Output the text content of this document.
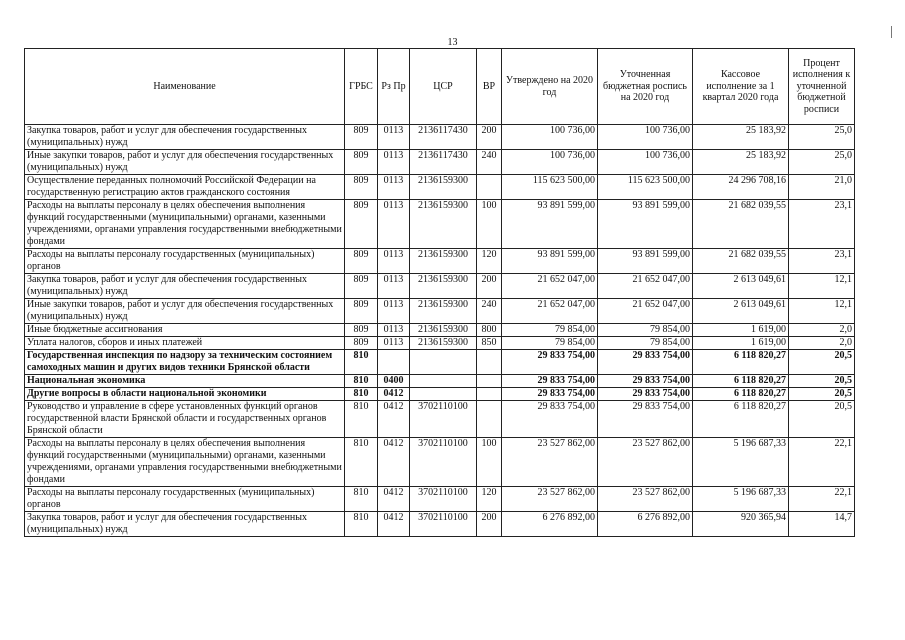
13
Наименование	ГРБС	Рз Пр	ЦСР	ВР	Утверждено на 2020 год	Уточненная бюджетная роспись на 2020 год	Кассовое исполнение за 1 квартал 2020 года	Процент исполнения к уточненной бюджетной росписи
Закупка товаров, работ и услуг для обеспечения государственных (муниципальных) нужд	809	0113	2136117430	200	100 736,00	100 736,00	25 183,92	25,0
Иные закупки товаров, работ и услуг для обеспечения государственных (муниципальных) нужд	809	0113	2136117430	240	100 736,00	100 736,00	25 183,92	25,0
Осуществление переданных полномочий Российской Федерации на государственную регистрацию актов гражданского состояния	809	0113	2136159300		115 623 500,00	115 623 500,00	24 296 708,16	21,0
Расходы на выплаты персоналу в целях обеспечения выполнения функций государственными (муниципальными) органами, казенными учреждениями, органами управления государственными внебюджетными фондами	809	0113	2136159300	100	93 891 599,00	93 891 599,00	21 682 039,55	23,1
Расходы на выплаты персоналу государственных (муниципальных) органов	809	0113	2136159300	120	93 891 599,00	93 891 599,00	21 682 039,55	23,1
Закупка товаров, работ и услуг для обеспечения государственных (муниципальных) нужд	809	0113	2136159300	200	21 652 047,00	21 652 047,00	2 613 049,61	12,1
Иные закупки товаров, работ и услуг для обеспечения государственных (муниципальных) нужд	809	0113	2136159300	240	21 652 047,00	21 652 047,00	2 613 049,61	12,1
Иные бюджетные ассигнования	809	0113	2136159300	800	79 854,00	79 854,00	1 619,00	2,0
Уплата налогов, сборов и иных платежей	809	0113	2136159300	850	79 854,00	79 854,00	1 619,00	2,0
Государственная инспекция по надзору за техническим состоянием самоходных машин и других видов техники Брянской области	810				29 833 754,00	29 833 754,00	6 118 820,27	20,5
Национальная экономика	810	0400			29 833 754,00	29 833 754,00	6 118 820,27	20,5
Другие вопросы в области национальной экономики	810	0412			29 833 754,00	29 833 754,00	6 118 820,27	20,5
Руководство и управление в сфере установленных функций органов государственной власти Брянской области и государственных органов Брянской области	810	0412	3702110100		29 833 754,00	29 833 754,00	6 118 820,27	20,5
Расходы на выплаты персоналу в целях обеспечения выполнения функций государственными (муниципальными) органами, казенными учреждениями, органами управления государственными внебюджетными фондами	810	0412	3702110100	100	23 527 862,00	23 527 862,00	5 196 687,33	22,1
Расходы на выплаты персоналу государственных (муниципальных) органов	810	0412	3702110100	120	23 527 862,00	23 527 862,00	5 196 687,33	22,1
Закупка товаров, работ и услуг для обеспечения государственных (муниципальных) нужд	810	0412	3702110100	200	6 276 892,00	6 276 892,00	920 365,94	14,7
